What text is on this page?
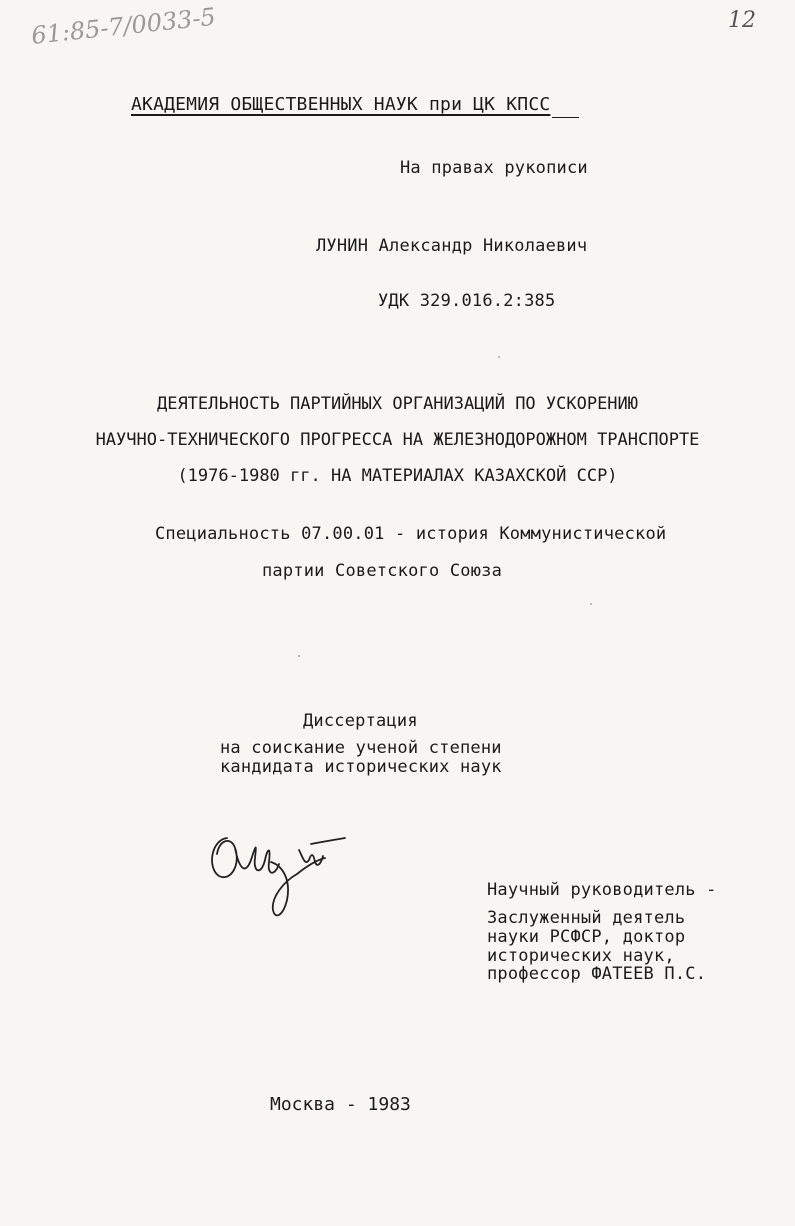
61:85-7/0033-5	12
АКАДЕМИЯ ОБЩЕСТВЕННЫХ НАУК при ЦК КПСС
На правах рукописи
ЛУНИН Александр Николаевич
УДК 329.016.2:385
ДЕЯТЕЛЬНОСТЬ ПАРТИЙНЫХ ОРГАНИЗАЦИЙ ПО УСКОРЕНИЮ
НАУЧНО-ТЕХНИЧЕСКОГО ПРОГРЕССА НА ЖЕЛЕЗНОДОРОЖНОМ ТРАНСПОРТЕ
(1976-1980 гг. НА МАТЕРИАЛАХ КАЗАХСКОЙ ССР)
Специальность 07.00.01 - история Коммунистической
партии Советского Союза
Диссертация
на соискание ученой степени
кандидата исторических наук
Научный руководитель -
Заслуженный деятель
науки РСФСР, доктор
исторических наук,
профессор ФАТЕЕВ П.С.
Москва - 1983
